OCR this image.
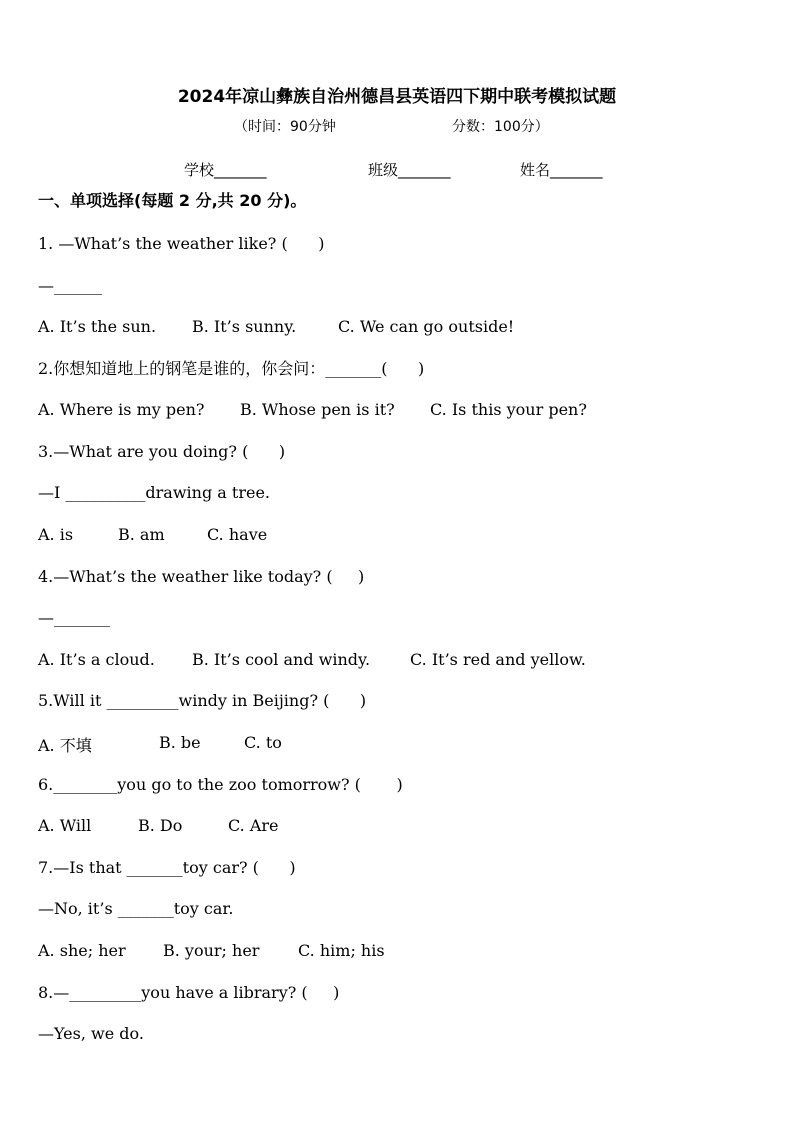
2024年凉山彝族自治州德昌县英语四下期中联考模拟试题
（时间：90分钟	分数：100分）
学校_______	班级_______	姓名_______
一、单项选择(每题 2 分,共 20 分)。
1. —What’s the weather like? (      )
—______
A. It’s the sun. B. It’s sunny.	C. We can go outside!
2.你想知道地上的钢笔是谁的，你会问：_______(      )
A. Where is my pen? B. Whose pen is it? C. Is this your pen?
3.—What are you doing? (      )
—I __________drawing a tree.
A. is	B. am	C. have
4.—What’s the weather like today? (     )
—_______
A. It’s a cloud. B. It’s cool and windy. C. It’s red and yellow.
5.Will it _________windy in Beijing? (      )
A. 不填	B. be	C. to
6.________you go to the zoo tomorrow? (       )
A. Will	B. Do	C. Are
7.—Is that _______toy car? (      )
—No, it’s _______toy car.
A. she; her B. your; her C. him; his
8.—_________you have a library? (     )
—Yes, we do.
